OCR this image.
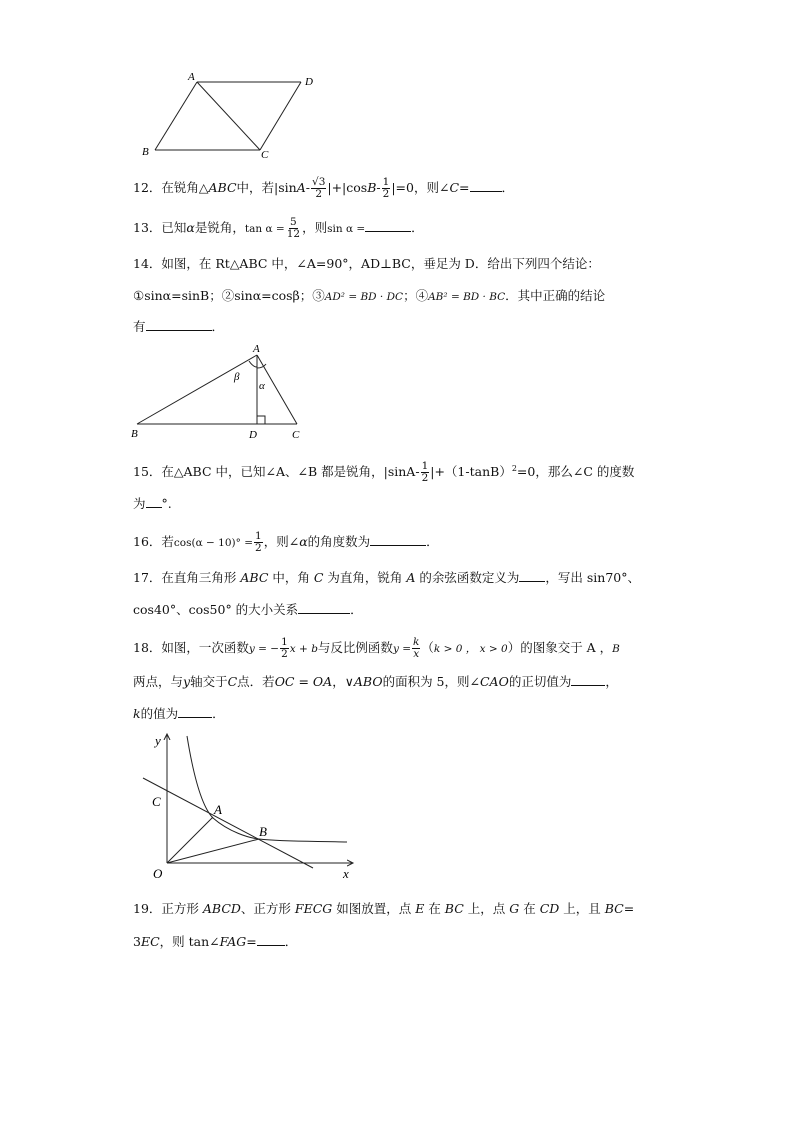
A	D
B	C
12．在锐角△ABC中，若$|\sin A- \frac{√3}{2} |+|\cos B- \frac{1}{2} |=0$，则∠C=	．
13．已知α是锐角，$\tan \alpha = \frac{5}{12}$ ，则sin α =	．
14．如图，在 Rt△ABC 中，∠A=90°，AD⊥BC，垂足为 D．给出下列四个结论：
①sinα=sinB；②sinα=cosβ；③AD² = BD · DC；④AB² = BD · BC．其中正确的结论
有	．
A
β
α
B	D	C
15．在△ABC 中，已知∠A、∠B 都是锐角，$|\sin A- \frac{1}{2} |+(1-\tan B)^2=0$，那么∠C 的度数
为 °.
16．若$\cos(\alpha - 10)^\circ = \frac{1}{2}$ ，则∠α的角度数为	．
17．在直角三角形 ABC 中，角 C 为直角，锐角 A 的余弦函数定义为 ，写出 sin70°、
cos40°、cos50° 的大小关系	．
18．如图，一次函数y = − $\frac{1}{2}$ x + b与反比例函数$y = \frac{k}{x} (k > 0$ ， x > 0）的图象交于 A ，B
两点，与y轴交于C点．若OC = OA，∨ABO的面积为 5，则∠CAO的正切值为	，
k的值为	．
y
x
O
C
A
B
19．正方形 ABCD、正方形 FECG 如图放置，点 E 在 BC 上，点 G 在 CD 上，且 BC=
3EC，则 tan∠FAG= ．
